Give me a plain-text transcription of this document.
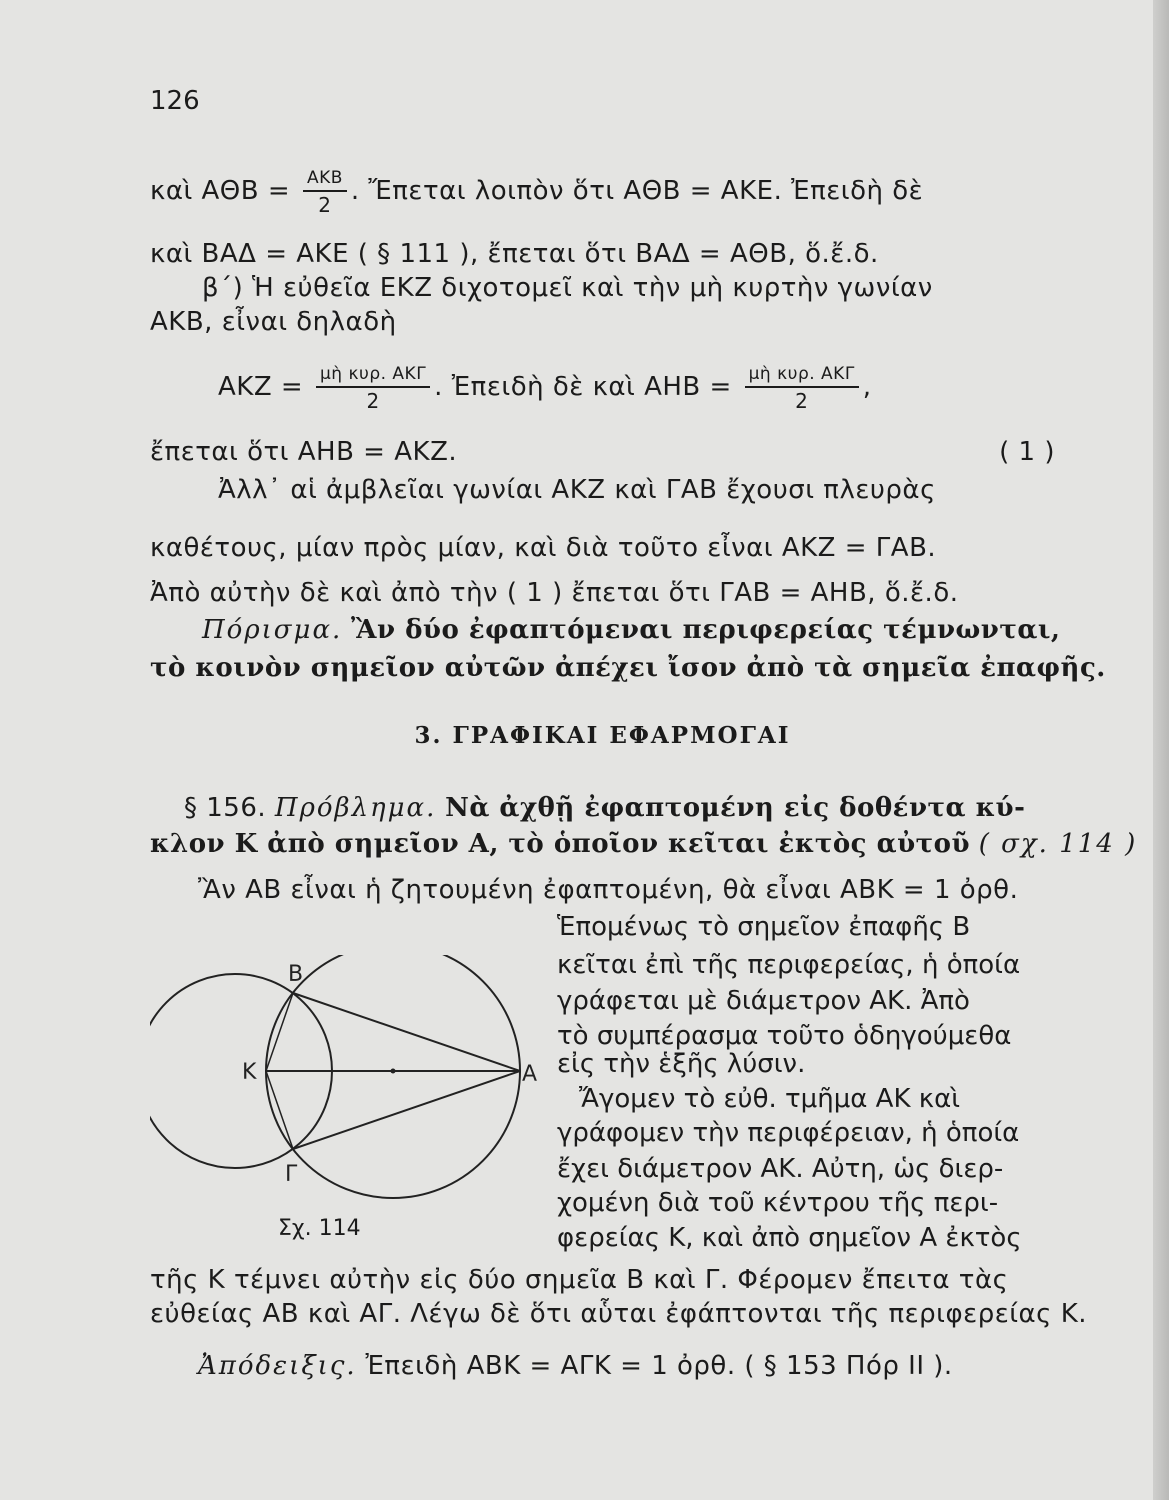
126
καὶ $A\Theta B = \frac{\text{ΑΚΒ}}{2}$ . Ἔπεται λοιπὸν ὅτι ΑΘΒ = ΑΚΕ. Ἐπειδὴ δὲ
καὶ ΒΑΔ = ΑΚΕ ( § 111 ), ἔπεται ὅτι ΒΑΔ = ΑΘΒ, ὅ.ἔ.δ.
β΄) Ἡ εὐθεῖα ΕΚΖ διχοτομεῖ καὶ τὴν μὴ κυρτὴν γωνίαν
ΑΚΒ, εἶναι δηλαδὴ
$AKZ = \frac{\text{μὴ κυρ. ΑΚΓ}}{2}$ . Ἐπειδὴ δὲ καὶ $AHB = \frac{\text{μὴ κυρ. ΑΚΓ}}{2}$ ,
ἔπεται ὅτι ΑΗΒ = ΑΚΖ.	( 1 )
Ἀλλ᾽ αἱ ἀμβλεῖαι γωνίαι ΑΚΖ καὶ ΓΑΒ ἔχουσι πλευρὰς
καθέτους, μίαν πρὸς μίαν, καὶ διὰ τοῦτο εἶναι ΑΚΖ = ΓΑΒ.
Ἀπὸ αὐτὴν δὲ καὶ ἀπὸ τὴν ( 1 ) ἔπεται ὅτι ΓΑΒ = ΑΗΒ, ὅ.ἔ.δ.
Πόρισμα. Ἂν δύο ἐφαπτόμεναι περιφερείας τέμνωνται,
τὸ κοινὸν σημεῖον αὐτῶν ἀπέχει ἴσον ἀπὸ τὰ σημεῖα ἐπαφῆς.
3. ΓΡΑΦΙΚΑΙ ΕΦΑΡΜΟΓΑΙ
§ 156. Πρόβλημα. Νὰ ἀχθῇ ἐφαπτομένη εἰς δοθέντα κύ-
κλον Κ ἀπὸ σημεῖον Α, τὸ ὁποῖον κεῖται ἐκτὸς αὐτοῦ ( σχ. 114 )
Ἂν ΑΒ εἶναι ἡ ζητουμένη ἐφαπτομένη, θὰ εἶναι ΑΒΚ = 1 ὀρθ.
Ἑπομένως τὸ σημεῖον ἐπαφῆς Β
κεῖται ἐπὶ τῆς περιφερείας, ἡ ὁποία
γράφεται μὲ διάμετρον ΑΚ. Ἀπὸ
τὸ συμπέρασμα τοῦτο ὁδηγούμεθα
εἰς τὴν ἑξῆς λύσιν.
Ἄγομεν τὸ εὐθ. τμῆμα ΑΚ καὶ
γράφομεν τὴν περιφέρειαν, ἡ ὁποία
ἔχει διάμετρον ΑΚ. Αὐτη, ὡς διερ-
χομένη διὰ τοῦ κέντρου τῆς περι-
φερείας Κ, καὶ ἀπὸ σημεῖον Α ἐκτὸς
Β
Κ	Α
Γ
Σχ. 114
τῆς Κ τέμνει αὐτὴν εἰς δύο σημεῖα Β καὶ Γ. Φέρομεν ἔπειτα τὰς
εὐθείας ΑΒ καὶ ΑΓ. Λέγω δὲ ὅτι αὗται ἐφάπτονται τῆς περιφερείας Κ.
Ἀπόδειξις. Ἐπειδὴ ΑΒΚ = ΑΓΚ = 1 ὀρθ. ( § 153 Πόρ ΙΙ ).
